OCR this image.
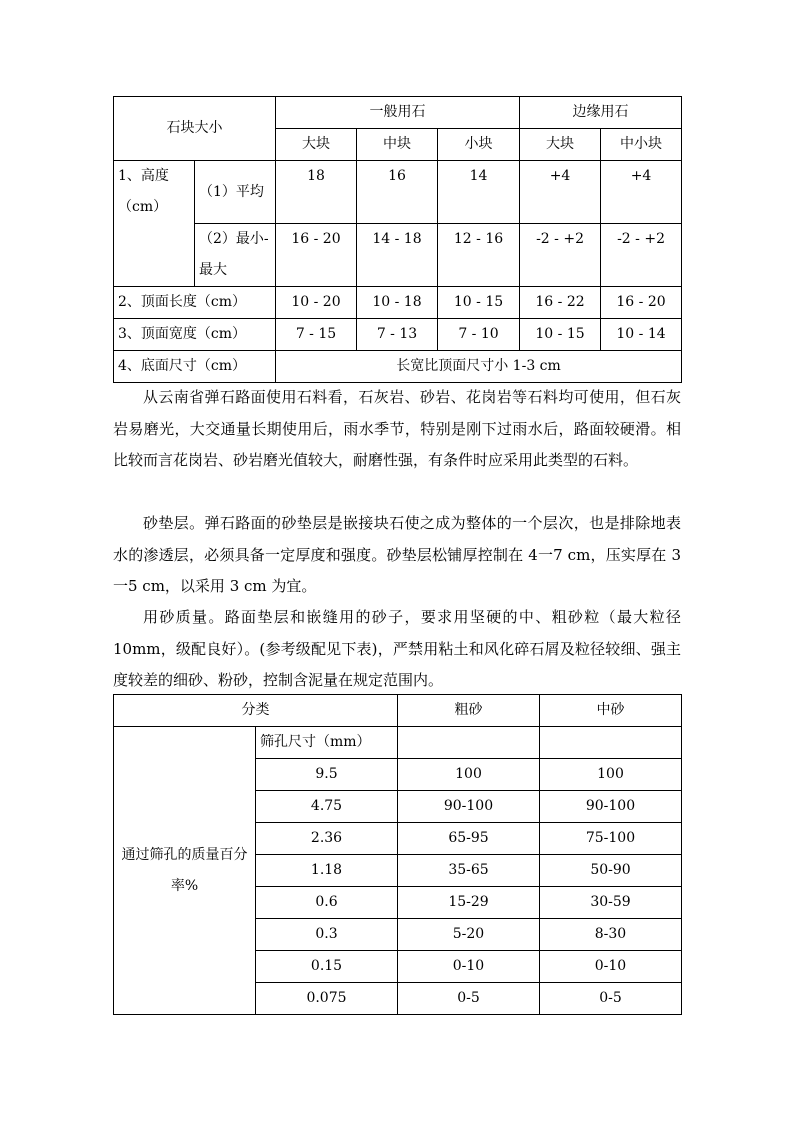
石块大小		一般用石			边缘用石	
		大块	中块	小块	大块	中小块
1、高度（cm）	（1）平均	18	16	14	+4	+4
	（2）最小-最大	16 - 20	14 - 18	12 - 16	-2 - +2	-2 - +2
2、顶面长度（cm）		10 - 20	10 - 18	10 - 15	16 - 22	16 - 20
3、顶面宽度（cm）		7 - 15	7 - 13	7 - 10	10 - 15	10 - 14
4、底面尺寸（cm）		长宽比顶面尺寸小 1-3 cm				

从云南省弹石路面使用石料看，石灰岩、砂岩、花岗岩等石料均可使用，但石灰岩易磨光，大交通量长期使用后，雨水季节，特别是刚下过雨水后，路面较硬滑。相比较而言花岗岩、砂岩磨光值较大，耐磨性强，有条件时应采用此类型的石料。

砂垫层。弹石路面的砂垫层是嵌接块石使之成为整体的一个层次，也是排除地表水的渗透层，必须具备一定厚度和强度。砂垫层松铺厚控制在 4一7 cm，压实厚在 3一5 cm，以采用 3 cm 为宜。

用砂质量。路面垫层和嵌缝用的砂子，要求用坚硬的中、粗砂粒（最大粒径 10mm，级配良好）。(参考级配见下表)，严禁用粘土和风化碎石屑及粒径较细、强主度较差的细砂、粉砂，控制含泥量在规定范围内。

分类		粗砂	中砂
通过筛孔的质量百分率%	筛孔尺寸（mm）		
	9.5	100	100
	4.75	90-100	90-100
	2.36	65-95	75-100
	1.18	35-65	50-90
	0.6	15-29	30-59
	0.3	5-20	8-30
	0.15	0-10	0-10
	0.075	0-5	0-5
